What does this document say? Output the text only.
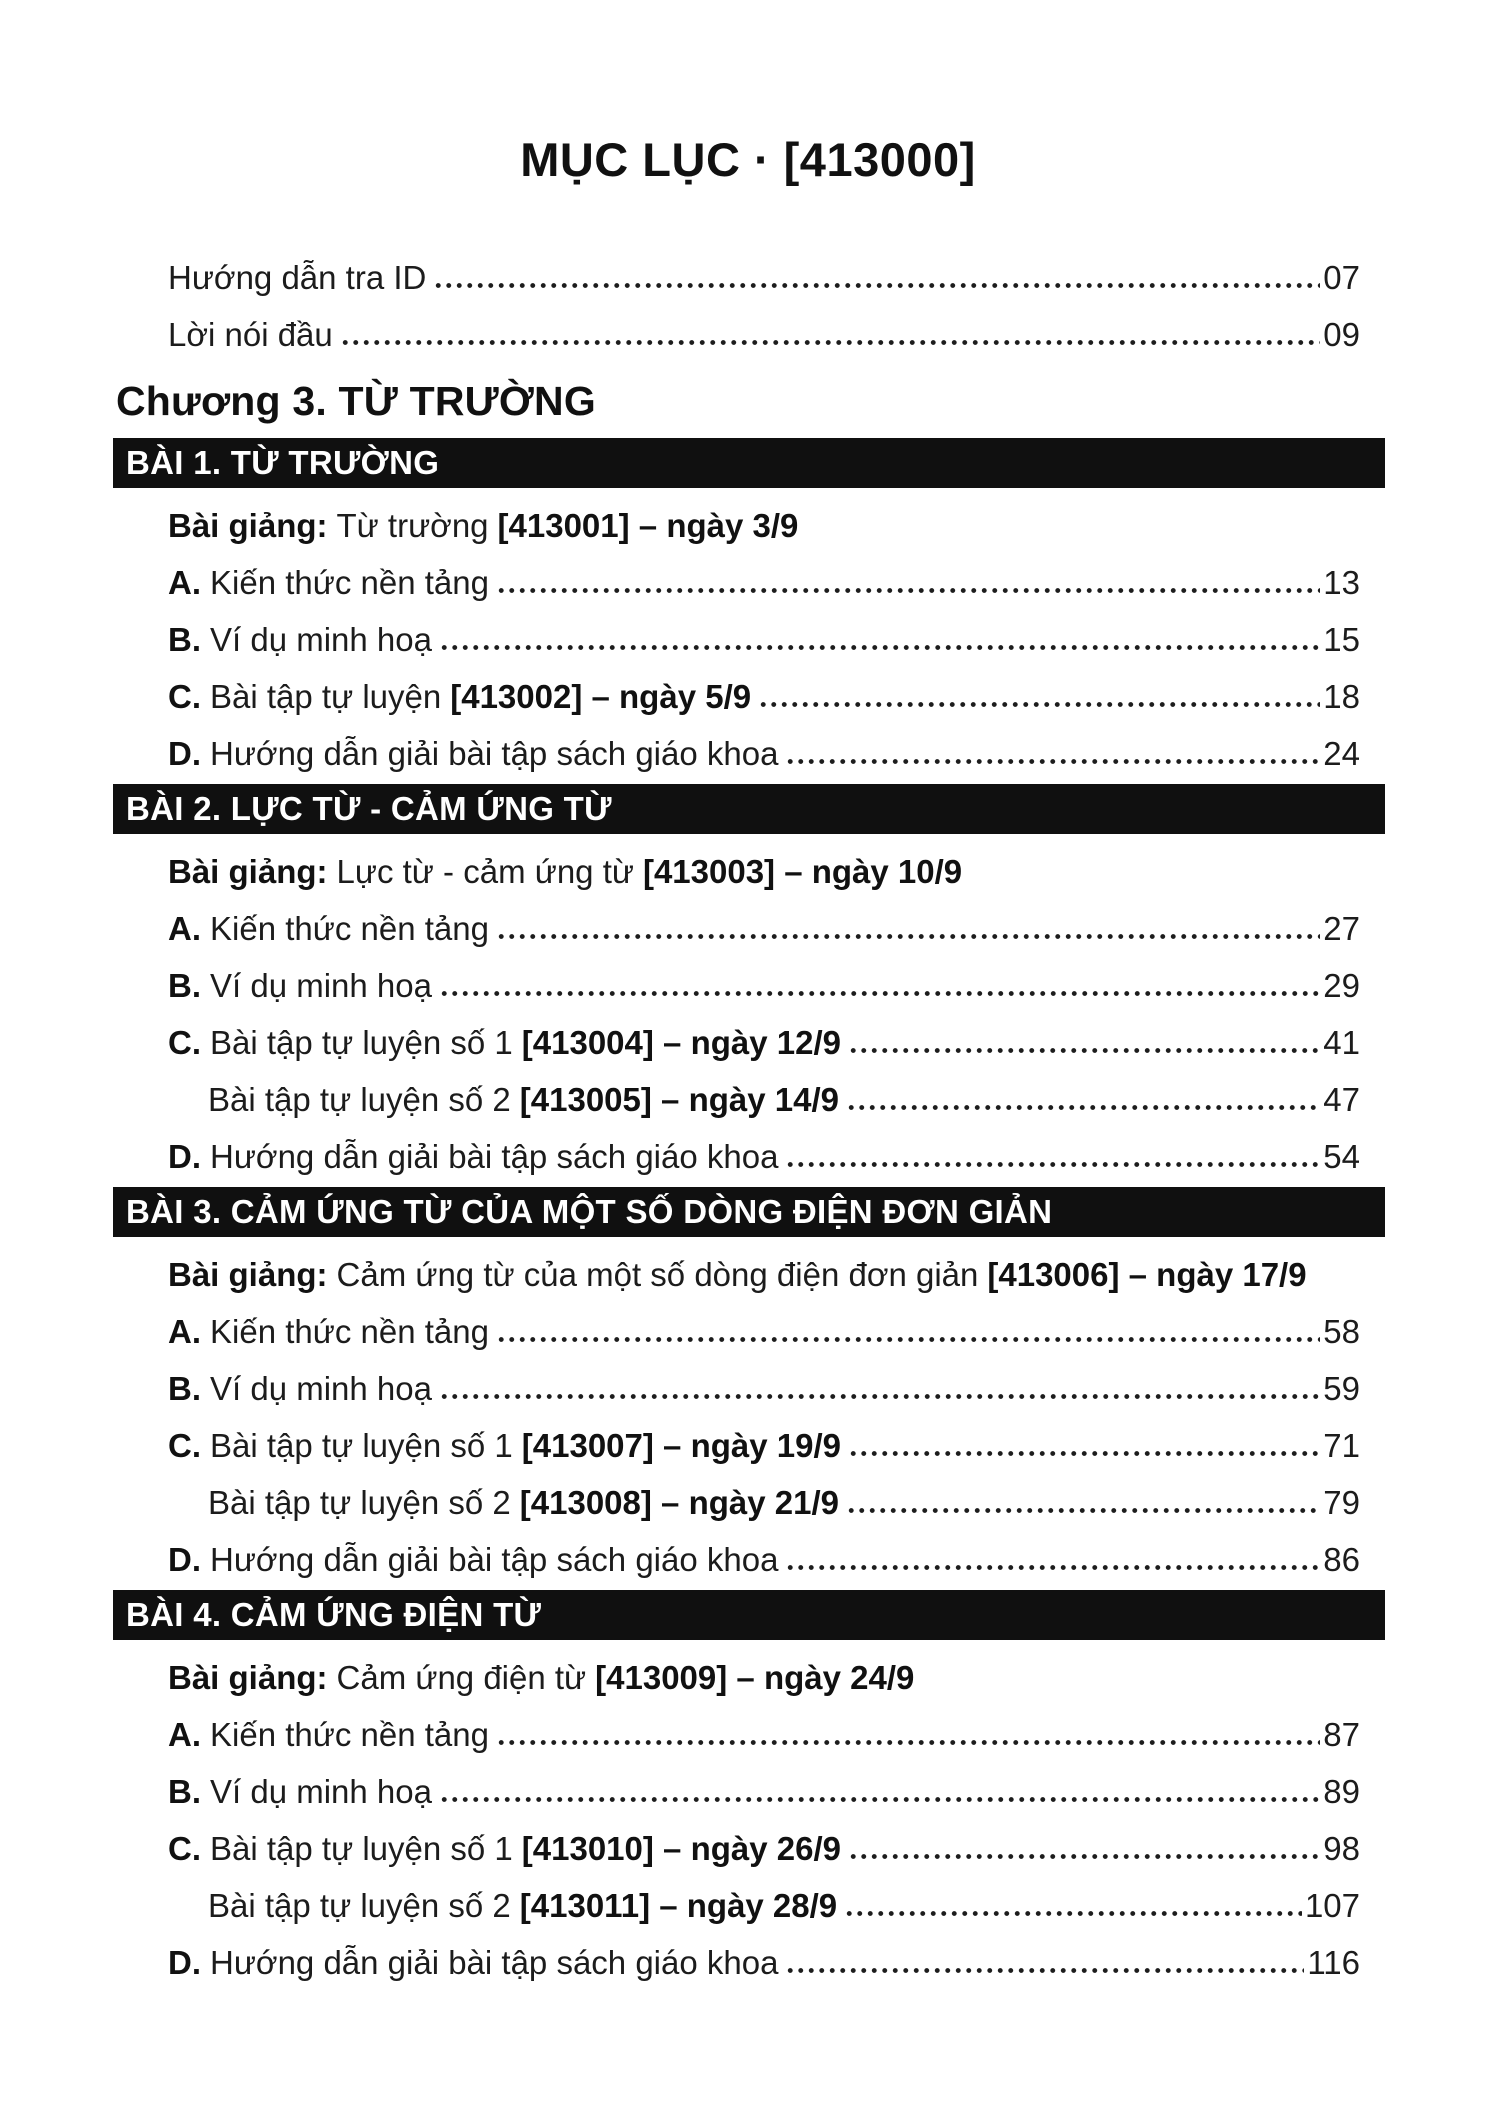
MỤC LỤC · [413000]
Hướng dẫn tra ID	07
Lời nói đầu	09
Chương 3. TỪ TRƯỜNG
BÀI 1. TỪ TRƯỜNG
Bài giảng: Từ trường [413001] – ngày 3/9
A. Kiến thức nền tảng	13
B. Ví dụ minh hoạ	15
C. Bài tập tự luyện [413002] – ngày 5/9	18
D. Hướng dẫn giải bài tập sách giáo khoa	24
BÀI 2. LỰC TỪ - CẢM ỨNG TỪ
Bài giảng: Lực từ - cảm ứng từ [413003] – ngày 10/9
A. Kiến thức nền tảng	27
B. Ví dụ minh hoạ	29
C. Bài tập tự luyện số 1 [413004] – ngày 12/9	41
Bài tập tự luyện số 2 [413005] – ngày 14/9	47
D. Hướng dẫn giải bài tập sách giáo khoa	54
BÀI 3. CẢM ỨNG TỪ CỦA MỘT SỐ DÒNG ĐIỆN ĐƠN GIẢN
Bài giảng: Cảm ứng từ của một số dòng điện đơn giản [413006] – ngày 17/9
A. Kiến thức nền tảng	58
B. Ví dụ minh hoạ	59
C. Bài tập tự luyện số 1 [413007] – ngày 19/9	71
Bài tập tự luyện số 2 [413008] – ngày 21/9	79
D. Hướng dẫn giải bài tập sách giáo khoa	86
BÀI 4. CẢM ỨNG ĐIỆN TỪ
Bài giảng: Cảm ứng điện từ [413009] – ngày 24/9
A. Kiến thức nền tảng	87
B. Ví dụ minh hoạ	89
C. Bài tập tự luyện số 1 [413010] – ngày 26/9	98
Bài tập tự luyện số 2 [413011] – ngày 28/9	107
D. Hướng dẫn giải bài tập sách giáo khoa	116
